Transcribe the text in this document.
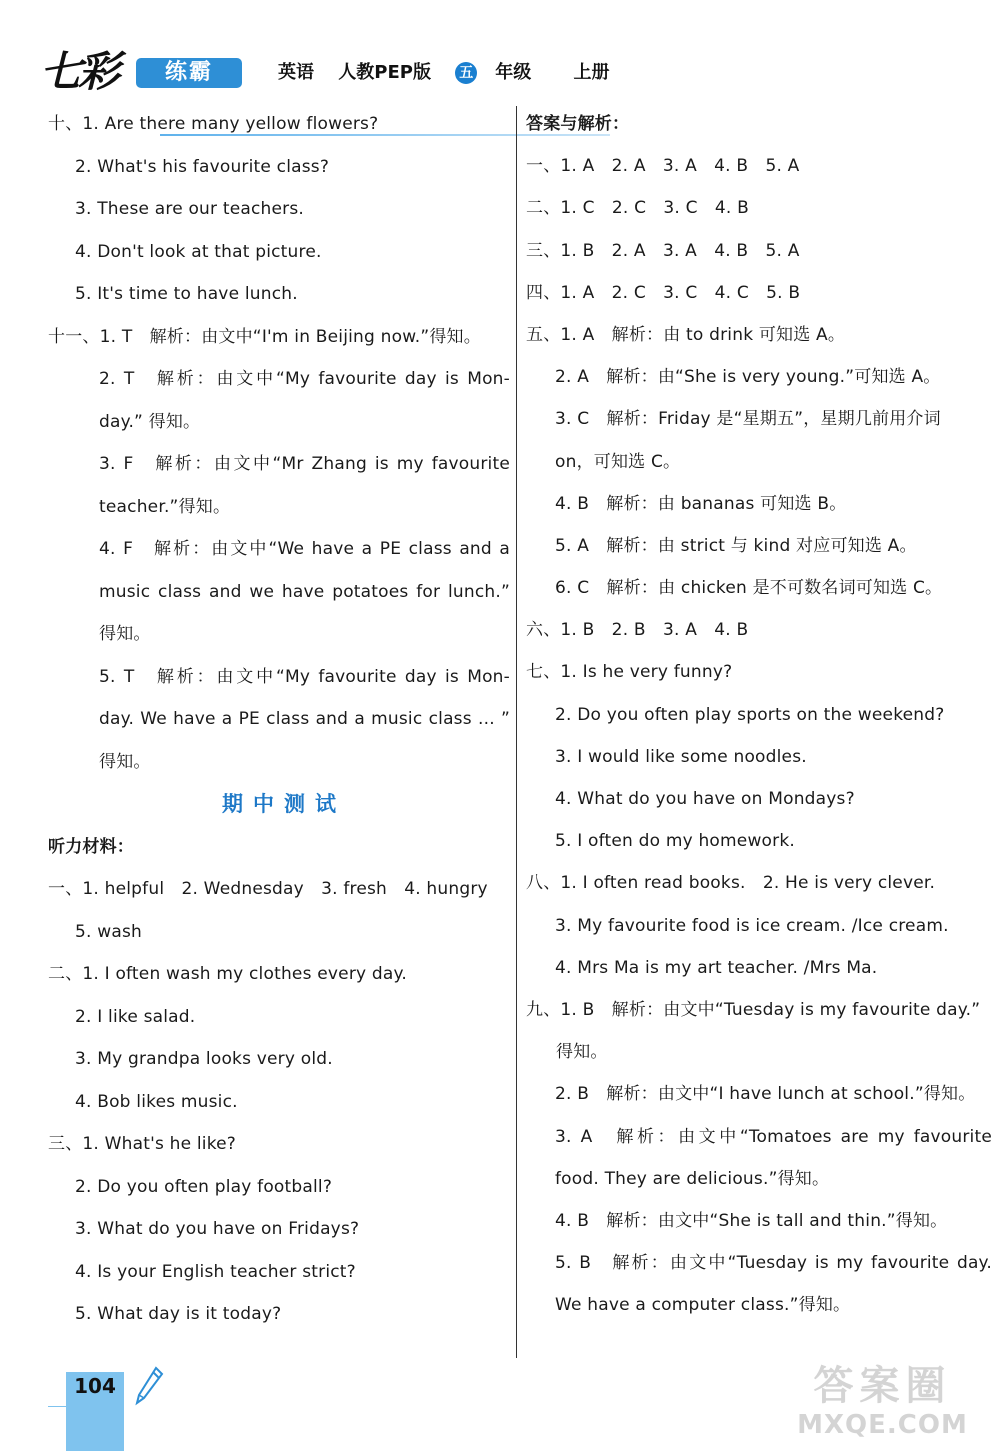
七彩	练霸	英语 人教PEP版 五 年级 上册
十、1. Are there many yellow flowers?
2. What's his favourite class?
3. These are our teachers.
4. Don't look at that picture.
5. It's time to have lunch.
十一、1. T　解析：由文中“I'm in Beijing now.”得知。
2. T　解析：由文中“My favourite day is Mon-
day.” 得知。
3. F　解析：由文中“Mr Zhang is my favourite
teacher.”得知。
4. F　解析：由文中“We have a PE class and a
music class and we have potatoes for lunch.”
得知。
5. T　解析：由文中“My favourite day is Mon-
day. We have a PE class and a music class ... ”
得知。
期中测试
听力材料：
一、1. helpful　2. Wednesday　3. fresh　4. hungry
5. wash
二、1. I often wash my clothes every day.
2. I like salad.
3. My grandpa looks very old.
4. Bob likes music.
三、1. What's he like?
2. Do you often play football?
3. What do you have on Fridays?
4. Is your English teacher strict?
5. What day is it today?
答案与解析：
一、1. A　2. A　3. A　4. B　5. A
二、1. C　2. C　3. C　4. B
三、1. B　2. A　3. A　4. B　5. A
四、1. A　2. C　3. C　4. C　5. B
五、1. A　解析：由 to drink 可知选 A。
2. A　解析：由“She is very young.”可知选 A。
3. C　解析：Friday 是“星期五”，星期几前用介词
on，可知选 C。
4. B　解析：由 bananas 可知选 B。
5. A　解析：由 strict 与 kind 对应可知选 A。
6. C　解析：由 chicken 是不可数名词可知选 C。
六、1. B　2. B　3. A　4. B
七、1. Is he very funny?
2. Do you often play sports on the weekend?
3. I would like some noodles.
4. What do you have on Mondays?
5. I often do my homework.
八、1. I often read books.　2. He is very clever.
3. My favourite food is ice cream. /Ice cream.
4. Mrs Ma is my art teacher. /Mrs Ma.
九、1. B　解析：由文中“Tuesday is my favourite day.”
得知。
2. B　解析：由文中“I have lunch at school.”得知。
3. A　解析：由文中“Tomatoes are my favourite
food. They are delicious.”得知。
4. B　解析：由文中“She is tall and thin.”得知。
5. B　解析：由文中“Tuesday is my favourite day.
We have a computer class.”得知。
104	答案圈
MXQE.COM
